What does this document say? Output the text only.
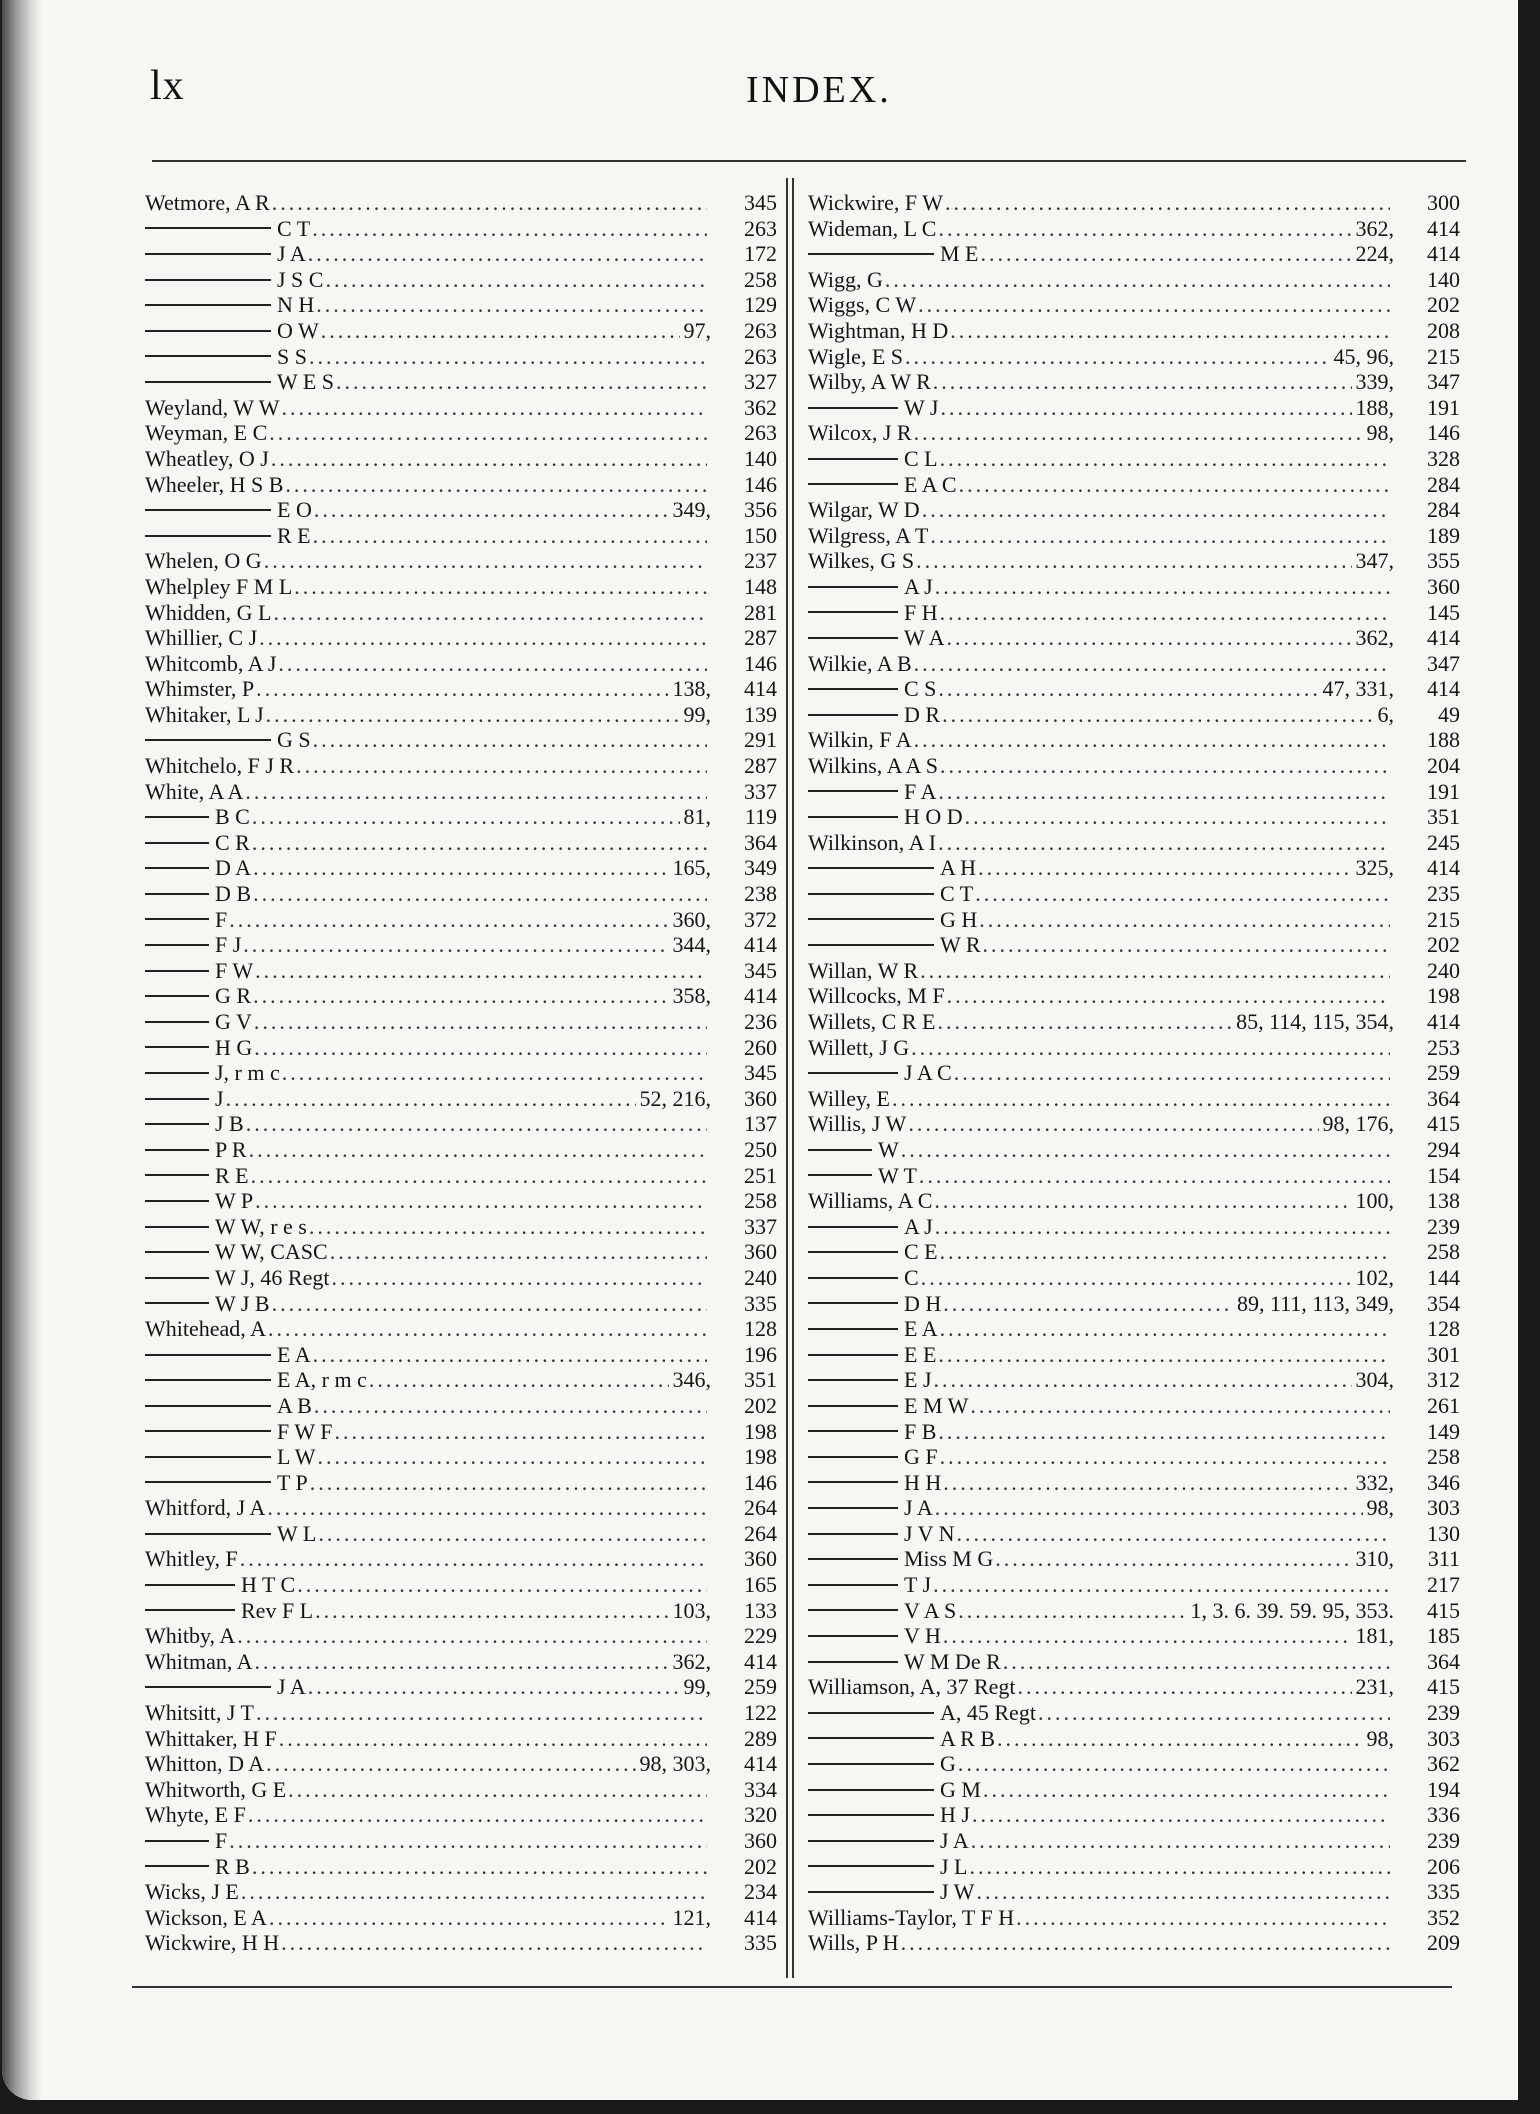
lx	INDEX.
Wetmore, A R .....	345
C T .....	263
J A .....	172
J S C .....	258
N H .....	129
O W .....	97,	263
S S .....	263
W E S .....	327
Weyland, W W .....	362
Weyman, E C .....	263
Wheatley, O J .....	140
Wheeler, H S B .....	146
E O .....	349,	356
R E .....	150
Whelen, O G .....	237
Whelpley F M L .....	148
Whidden, G L .....	281
Whillier, C J .....	287
Whitcomb, A J .....	146
Whimster, P .....	138,	414
Whitaker, L J .....	99,	139
G S .....	291
Whitchelo, F J R .....	287
White, A A .....	337
B C .....	81,	119
C R .....	364
D A .....	165,	349
D B .....	238
F .....	360,	372
F J .....	344,	414
F W .....	345
G R .....	358,	414
G V .....	236
H G .....	260
J, r m c .....	345
J .....	52, 216,	360
J B .....	137
P R .....	250
R E .....	251
W P .....	258
W W, r e s .....	337
W W, CASC .....	360
W J, 46 Regt .....	240
W J B .....	335
Whitehead, A .....	128
E A .....	196
E A, r m c .....	346,	351
A B .....	202
F W F .....	198
L W .....	198
T P .....	146
Whitford, J A .....	264
W L .....	264
Whitley, F .....	360
H T C .....	165
Rev F L .....	103,	133
Whitby, A .....	229
Whitman, A .....	362,	414
J A .....	99,	259
Whitsitt, J T .....	122
Whittaker, H F .....	289
Whitton, D A .....	98, 303,	414
Whitworth, G E .....	334
Whyte, E F .....	320
F .....	360
R B .....	202
Wicks, J E .....	234
Wickson, E A .....	121,	414
Wickwire, H H .....	335
Wickwire, F W .....	300
Wideman, L C .....	362,	414
M E .....	224,	414
Wigg, G .....	140
Wiggs, C W .....	202
Wightman, H D .....	208
Wigle, E S .....	45, 96,	215
Wilby, A W R .....	339,	347
W J .....	188,	191
Wilcox, J R .....	98,	146
C L .....	328
E A C .....	284
Wilgar, W D .....	284
Wilgress, A T .....	189
Wilkes, G S .....	347,	355
A J .....	360
F H .....	145
W A .....	362,	414
Wilkie, A B .....	347
C S .....	47, 331,	414
D R .....	6,	49
Wilkin, F A .....	188
Wilkins, A A S .....	204
F A .....	191
H O D .....	351
Wilkinson, A I .....	245
A H .....	325,	414
C T .....	235
G H .....	215
W R .....	202
Willan, W R .....	240
Willcocks, M F .....	198
Willets, C R E .....	85, 114, 115, 354,	414
Willett, J G .....	253
J A C .....	259
Willey, E .....	364
Willis, J W .....	98, 176,	415
W .....	294
W T .....	154
Williams, A C .....	100,	138
A J .....	239
C E .....	258
C .....	102,	144
D H .....	89, 111, 113, 349,	354
E A .....	128
E E .....	301
E J .....	304,	312
E M W .....	261
F B .....	149
G F .....	258
H H .....	332,	346
J A .....	98,	303
J V N .....	130
Miss M G .....	310,	311
T J .....	217
V A S .....	1, 3. 6. 39. 59. 95, 353.	415
V H .....	181,	185
W M De R .....	364
Williamson, A, 37 Regt .....	231,	415
A, 45 Regt .....	239
A R B .....	98,	303
G .....	362
G M .....	194
H J .....	336
J A .....	239
J L .....	206
J W .....	335
Williams-Taylor, T F H .....	352
Wills, P H .....	209
